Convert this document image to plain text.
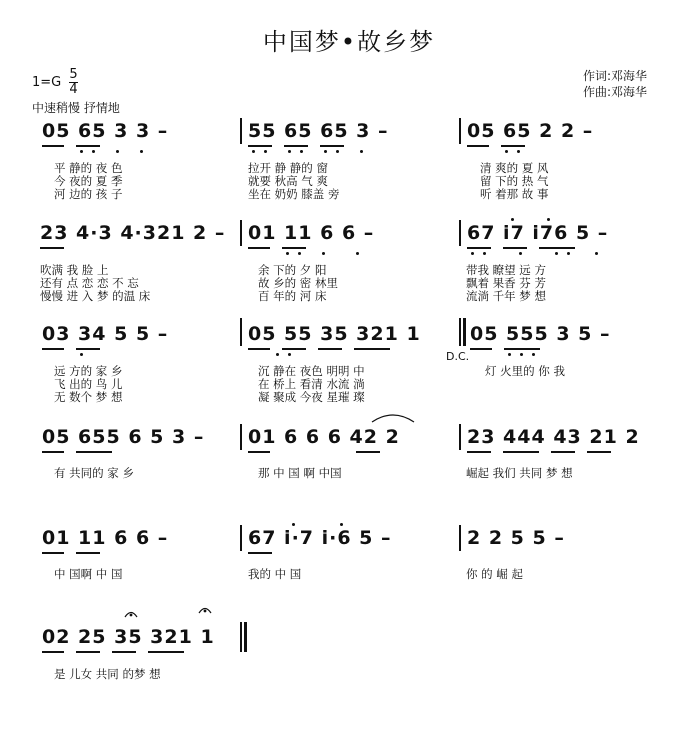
中国梦•故乡梦
$1=G \frac{5}{4}$	作词:邓海华
作曲:邓海华
中速稍慢 抒情地
05 65 3 3 –	55 65 65 3 –	05 65 2 2 –
平 静的 夜 色
今 夜的 夏 季
河 边的 孩 子
拉开 静 静的 窗
就要 秋高 气 爽
坐在 奶奶 膝盖 旁
清 爽的 夏 风
留 下的 热 气
听 着那 故 事
23 4·3 4·321 2 – 01 11 6 6 –	67 i7 i76 5 –
吹满 我 脸 上
还有 点 恋 恋 不 忘
慢慢 进 入 梦 的温 床
余 下的 夕 阳
故 乡的 密 林里
百 年的 河 床
带我 瞭望 远 方
飘着 果香 芬 芳
流淌 千年 梦 想
03 34 5 5 –	05 55 35 321 1	05 555 3 5 –
D.C.
远 方的 家 乡
飞 出的 鸟 儿
无 数个 梦 想
沉 静在 夜色 明明 中
在 桥上 看清 水流 淌
凝 聚成 今夜 星璀 璨
灯 火里的 你 我
05 655 6 5 3 – 01 6 6 6 42 2	23 444 43 21 2
有 共同的 家 乡	那 中 国 啊 中国	崛起 我们 共同 梦 想
01 11 6 6 –	67 i·7 i·6 5 –	2 2 5 5 –
中 国啊 中 国	我的 中 国	你 的 崛 起
02 25 35 321 1
是 儿女 共同 的梦 想
